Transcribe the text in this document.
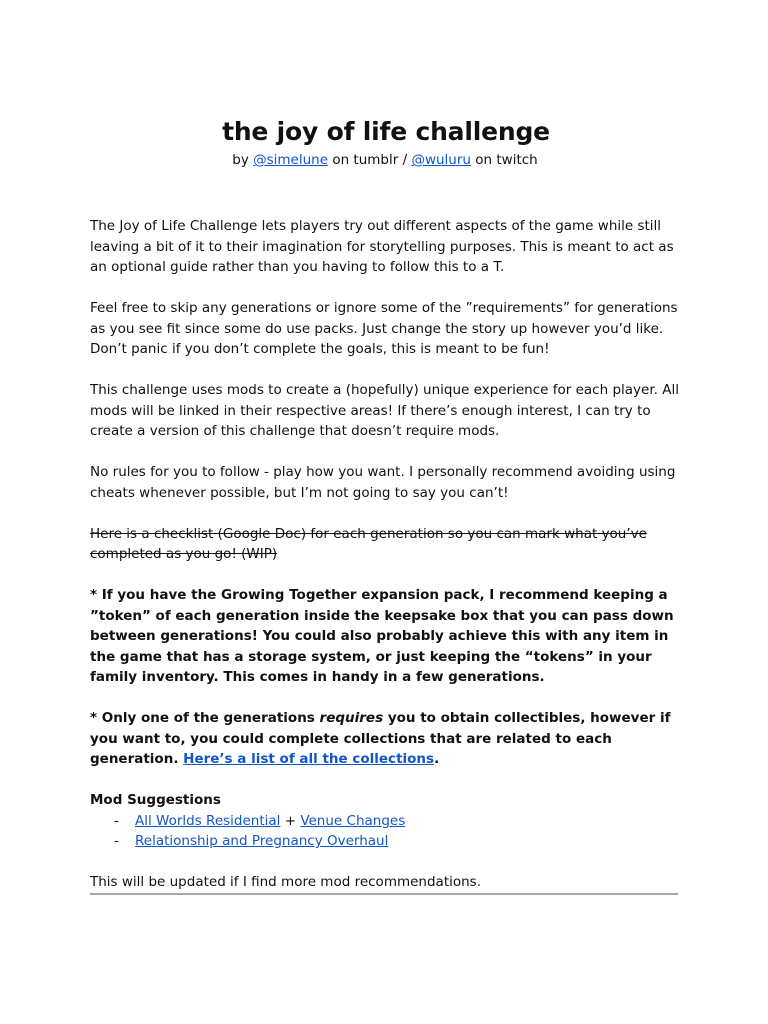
the joy of life challenge
by @simelune on tumblr / @wuluru on twitch

The Joy of Life Challenge lets players try out different aspects of the game while still leaving a bit of it to their imagination for storytelling purposes. This is meant to act as an optional guide rather than you having to follow this to a T.

Feel free to skip any generations or ignore some of the ”requirements” for generations as you see fit since some do use packs. Just change the story up however you’d like. Don’t panic if you don’t complete the goals, this is meant to be fun!

This challenge uses mods to create a (hopefully) unique experience for each player. All mods will be linked in their respective areas! If there’s enough interest, I can try to create a version of this challenge that doesn’t require mods.

No rules for you to follow - play how you want. I personally recommend avoiding using cheats whenever possible, but I’m not going to say you can’t!

Here is a checklist (Google Doc) for each generation so you can mark what you’ve completed as you go! (WIP)

* If you have the Growing Together expansion pack, I recommend keeping a ”token” of each generation inside the keepsake box that you can pass down between generations! You could also probably achieve this with any item in the game that has a storage system, or just keeping the “tokens” in your family inventory. This comes in handy in a few generations.

* Only one of the generations requires you to obtain collectibles, however if you want to, you could complete collections that are related to each generation. Here’s a list of all the collections.

Mod Suggestions

- All Worlds Residential + Venue Changes
- Relationship and Pregnancy Overhaul

This will be updated if I find more mod recommendations.
